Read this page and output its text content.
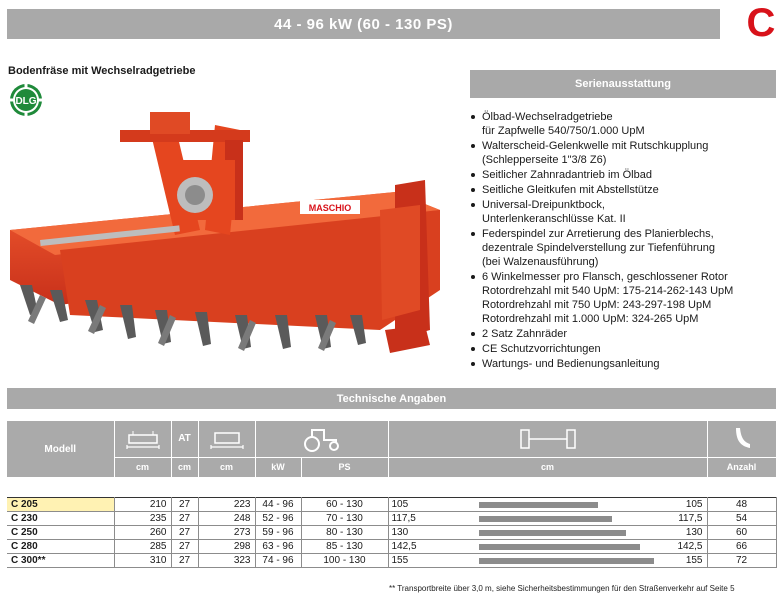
44 - 96 kW (60 - 130 PS)	C
Bodenfräse mit Wechselradgetriebe
DLG
MASCHIO
Serienausstattung
Ölbad-Wechselradgetriebe
für Zapfwelle 540/750/1.000 UpM
Walterscheid-Gelenkwelle mit Rutschkupplung
(Schlepperseite 1"3/8 Z6)
Seitlicher Zahnradantrieb im Ölbad
Seitliche Gleitkufen mit Abstellstütze
Universal-Dreipunktbock,
Unterlenkeranschlüsse Kat. II
Federspindel zur Arretierung des Planierblechs,
dezentrale Spindelverstellung zur Tiefenführung
(bei Walzenausführung)
6 Winkelmesser pro Flansch, geschlossener Rotor
Rotordrehzahl mit 540 UpM: 175-214-262-143 UpM
Rotordrehzahl mit 750 UpM: 243-297-198 UpM
Rotordrehzahl mit 1.000 UpM: 324-265 UpM
2 Satz Zahnräder
CE Schutzvorrichtungen
Wartungs- und Bedienungsanleitung
Technische Angaben
Modell		AT	

	cm	cm	cm	kW	PS	cm	Anzahl

C 205	210	27	223	44 - 96	60 - 130	105 105	48
C 230	235	27	248	52 - 96	70 - 130	117,5 117,5	54
C 250	260	27	273	59 - 96	80 - 130	130 130	60
C 280	285	27	298	63 - 96	85 - 130	142,5 142,5	66
C 300**	310	27	323	74 - 96	100 - 130	155 155	72
** Transportbreite über 3,0 m, siehe Sicherheitsbestimmungen für den Straßenverkehr auf Seite 5
